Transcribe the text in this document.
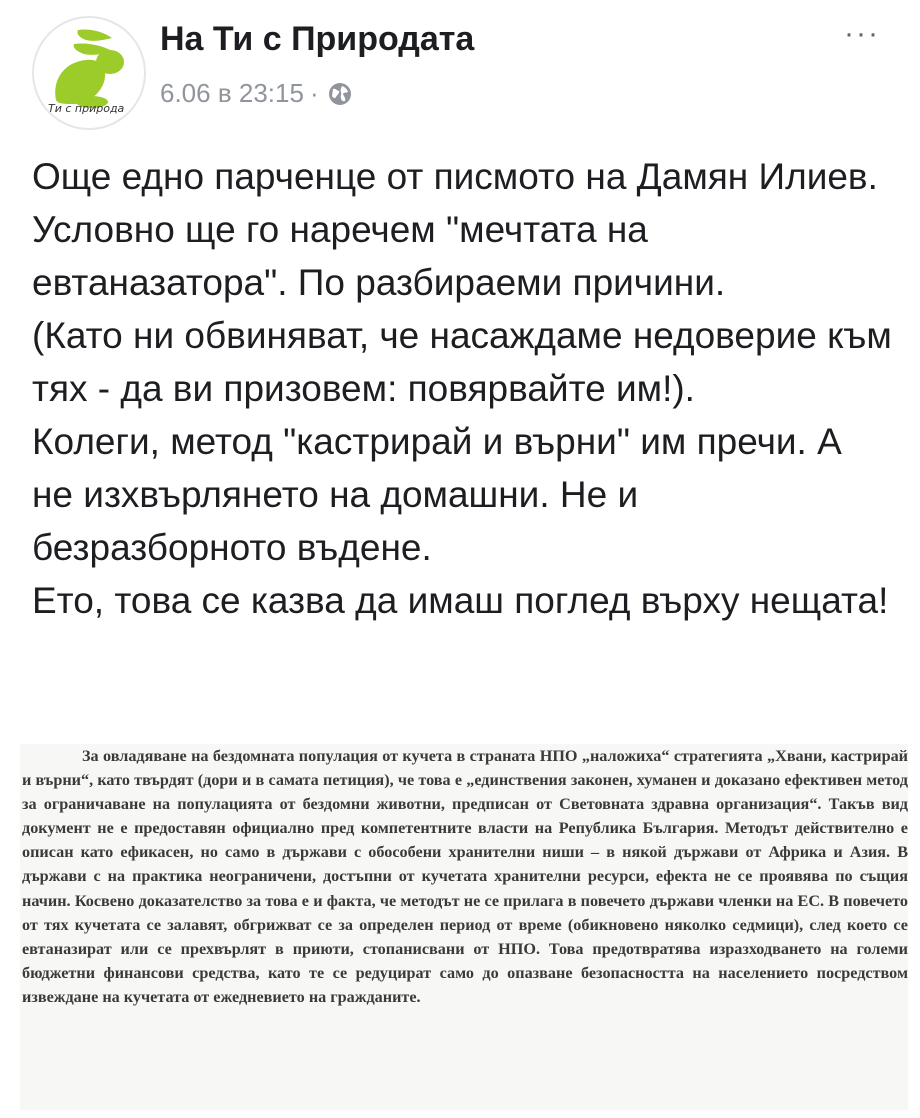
Ти с природа
На Ти с Природата
6.06 в 23:15 ·
···

Още едно парченце от писмото на Дамян Илиев. Условно ще го наречем "мечтата на евтаназатора". По разбираеми причини.
(Като ни обвиняват, че насаждаме недоверие към тях - да ви призовем: повярвайте им!).
Колеги, метод "кастрирай и върни" им пречи. А не изхвърлянето на домашни. Не и безразборното въдене.
Ето, това се казва да имаш поглед върху нещата!

За овладяване на бездомната популация от кучета в страната НПО „наложиха“ стратегията „Хвани, кастрирай и върни“, като твърдят (дори и в самата петиция), че това е „единствения законен, хуманен и доказано ефективен метод за ограничаване на популацията от бездомни животни, предписан от Световната здравна организация“. Такъв вид документ не е предоставян официално пред компетентните власти на Република България. Методът действително е описан като ефикасен, но само в държави с обособени хранителни ниши – в някой държави от Африка и Азия. В държави с на практика неограничени, достъпни от кучетата хранителни ресурси, ефекта не се проявява по същия начин. Косвено доказателство за това е и факта, че методът не се прилага в повечето държави членки на ЕС. В повечето от тях кучетата се залавят, обгрижват се за определен период от време (обикновено няколко седмици), след което се евтаназират или се прехвърлят в приюти, стопанисвани от НПО. Това предотвратява изразходването на големи бюджетни финансови средства, като те се редуцират само до опазване безопасността на населението посредством извеждане на кучетата от ежедневието на гражданите.
